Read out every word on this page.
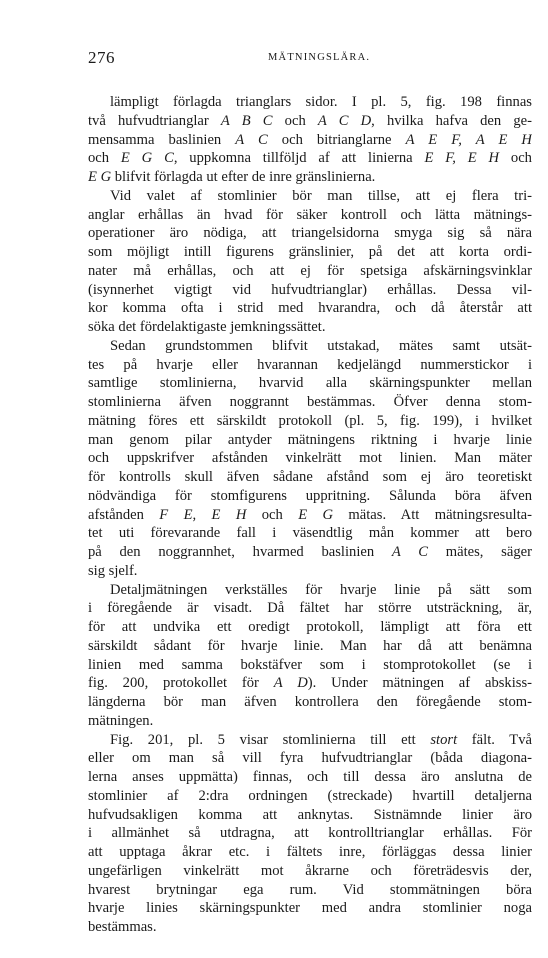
276	MÄTNINGSLÄRA.
lämpligt förlagda trianglars sidor. I pl. 5, fig. 198 finnas
två hufvudtrianglar A B C och A C D, hvilka hafva den ge-
mensamma baslinien A C och bitrianglarne A E F, A E H
och E G C, uppkomna tillföljd af att linierna E F, E H och
E G blifvit förlagda ut efter de inre gränslinierna.
Vid valet af stomlinier bör man tillse, att ej flera tri-
anglar erhållas än hvad för säker kontroll och lätta mätnings-
operationer äro nödiga, att triangelsidorna smyga sig så nära
som möjligt intill figurens gränslinier, på det att korta ordi-
nater må erhållas, och att ej för spetsiga afskärningsvinklar
(isynnerhet vigtigt vid hufvudtrianglar) erhållas. Dessa vil-
kor komma ofta i strid med hvarandra, och då återstår att
söka det fördelaktigaste jemkningssättet.
Sedan grundstommen blifvit utstakad, mätes samt utsät-
tes på hvarje eller hvarannan kedjelängd nummerstickor i
samtlige stomlinierna, hvarvid alla skärningspunkter mellan
stomlinierna äfven noggrannt bestämmas. Öfver denna stom-
mätning föres ett särskildt protokoll (pl. 5, fig. 199), i hvilket
man genom pilar antyder mätningens riktning i hvarje linie
och uppskrifver afstånden vinkelrätt mot linien. Man mäter
för kontrolls skull äfven sådane afstånd som ej äro teoretiskt
nödvändiga för stomfigurens uppritning. Sålunda böra äfven
afstånden F E, E H och E G mätas. Att mätningsresulta-
tet uti förevarande fall i väsendtlig mån kommer att bero
på den noggrannhet, hvarmed baslinien A C mätes, säger
sig sjelf.
Detaljmätningen verkställes för hvarje linie på sätt som
i föregående är visadt. Då fältet har större utsträckning, är,
för att undvika ett oredigt protokoll, lämpligt att föra ett
särskildt sådant för hvarje linie. Man har då att benämna
linien med samma bokstäfver som i stomprotokollet (se i
fig. 200, protokollet för A D). Under mätningen af abskiss-
längderna bör man äfven kontrollera den föregående stom-
mätningen.
Fig. 201, pl. 5 visar stomlinierna till ett stort fält. Två
eller om man så vill fyra hufvudtrianglar (båda diagona-
lerna anses uppmätta) finnas, och till dessa äro anslutna de
stomlinier af 2:dra ordningen (streckade) hvartill detaljerna
hufvudsakligen komma att anknytas. Sistnämnde linier äro
i allmänhet så utdragna, att kontrolltrianglar erhållas. För
att upptaga åkrar etc. i fältets inre, förläggas dessa linier
ungefärligen vinkelrätt mot åkrarne och företrädesvis der,
hvarest brytningar ega rum. Vid stommätningen böra
hvarje linies skärningspunkter med andra stomlinier noga
bestämmas.
